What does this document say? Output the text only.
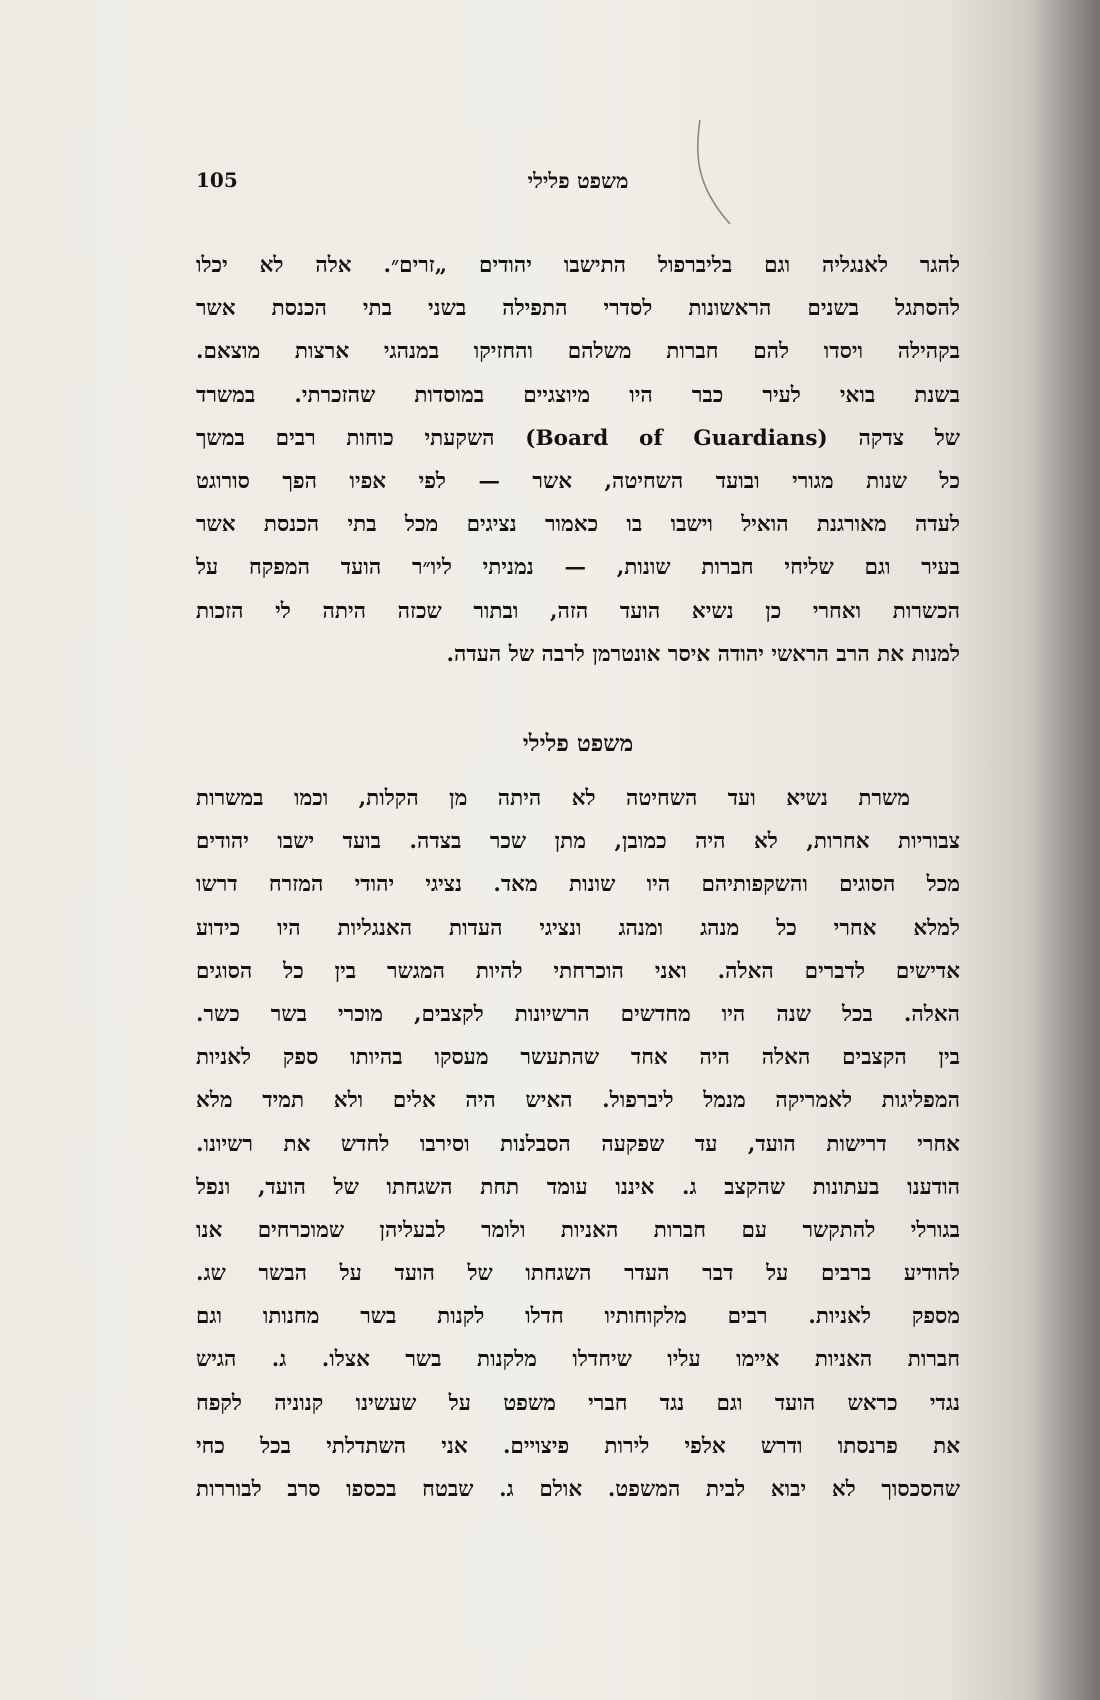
105	משפט פלילי
להגר לאנגליה וגם בליברפול התישבו יהודים „זרים״. אלה לא יכלו
להסתגל בשנים הראשונות לסדרי התפילה בשני בתי הכנסת אשר
בקהילה ויסדו להם חברות משלהם והחזיקו במנהגי ארצות מוצאם.
בשנת בואי לעיר כבר היו מיוצגיים במוסדות שהזכרתי. במשרד
של צדקה (Board of Guardians) השקעתי כוחות רבים במשך
כל שנות מגורי ובועד השחיטה, אשר — לפי אפיו הפך סורוגט
לעדה מאורגנת הואיל וישבו בו כאמור נציגים מכל בתי הכנסת אשר
בעיר וגם שליחי חברות שונות, — נמניתי ליו״ר הועד המפקח על
הכשרות ואחרי כן נשיא הועד הזה, ובתור שכזה היתה לי הזכות
למנות את הרב הראשי יהודה איסר אונטרמן לרבה של העדה.
משפט פלילי
משרת נשיא ועד השחיטה לא היתה מן הקלות, וכמו במשרות
צבוריות אחרות, לא היה כמובן, מתן שכר בצדה. בועד ישבו יהודים
מכל הסוגים והשקפותיהם היו שונות מאד. נציגי יהודי המזרח דרשו
למלא אחרי כל מנהג ומנהג ונציגי העדות האנגליות היו כידוע
אדישים לדברים האלה. ואני הוכרחתי להיות המגשר בין כל הסוגים
האלה. בכל שנה היו מחדשים הרשיונות לקצבים, מוכרי בשר כשר.
בין הקצבים האלה היה אחד שהתעשר מעסקו בהיותו ספק לאניות
המפליגות לאמריקה מנמל ליברפול. האיש היה אלים ולא תמיד מלא
אחרי דרישות הועד, עד שפקעה הסבלנות וסירבו לחדש את רשיונו.
הודענו בעתונות שהקצב ג. איננו עומד תחת השגחתו של הועד, ונפל
בגורלי להתקשר עם חברות האניות ולומר לבעליהן שמוכרחים אנו
להודיע ברבים על דבר העדר השגחתו של הועד על הבשר שג.
מספק לאניות. רבים מלקוחותיו חדלו לקנות בשר מחנותו וגם
חברות האניות איימו עליו שיחדלו מלקנות בשר אצלו. ג. הגיש
נגדי כראש הועד וגם נגד חברי משפט על שעשינו קנוניה לקפח
את פרנסתו ודרש אלפי לירות פיצויים. אני השתדלתי בכל כחי
שהסכסוך לא יבוא לבית המשפט. אולם ג. שבטח בכספו סרב לבוררות
